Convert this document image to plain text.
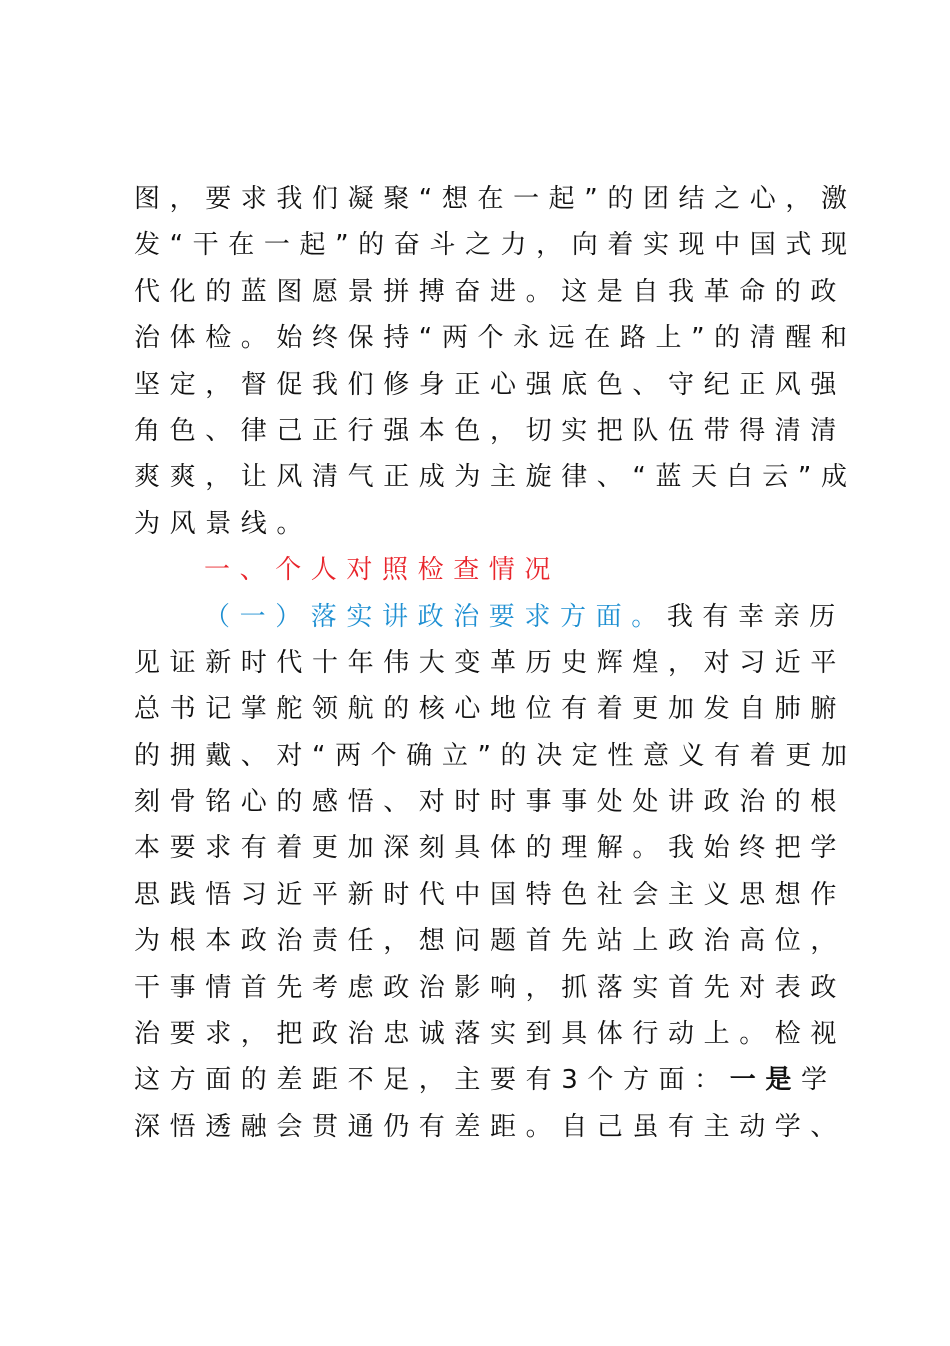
图，要求我们凝聚“想在一起”的团结之心，激
发“干在一起”的奋斗之力，向着实现中国式现
代化的蓝图愿景拼搏奋进。这是自我革命的政
治体检。始终保持“两个永远在路上”的清醒和
坚定，督促我们修身正心强底色、守纪正风强
角色、律己正行强本色，切实把队伍带得清清
爽爽，让风清气正成为主旋律、“蓝天白云”成
为风景线。
一、个人对照检查情况
（一）落实讲政治要求方面。我有幸亲历
见证新时代十年伟大变革历史辉煌，对习近平
总书记掌舵领航的核心地位有着更加发自肺腑
的拥戴、对“两个确立”的决定性意义有着更加
刻骨铭心的感悟、对时时事事处处讲政治的根
本要求有着更加深刻具体的理解。我始终把学
思践悟习近平新时代中国特色社会主义思想作
为根本政治责任，想问题首先站上政治高位，
干事情首先考虑政治影响，抓落实首先对表政
治要求，把政治忠诚落实到具体行动上。检视
这方面的差距不足，主要有3个方面：一是学
深悟透融会贯通仍有差距。自己虽有主动学、
